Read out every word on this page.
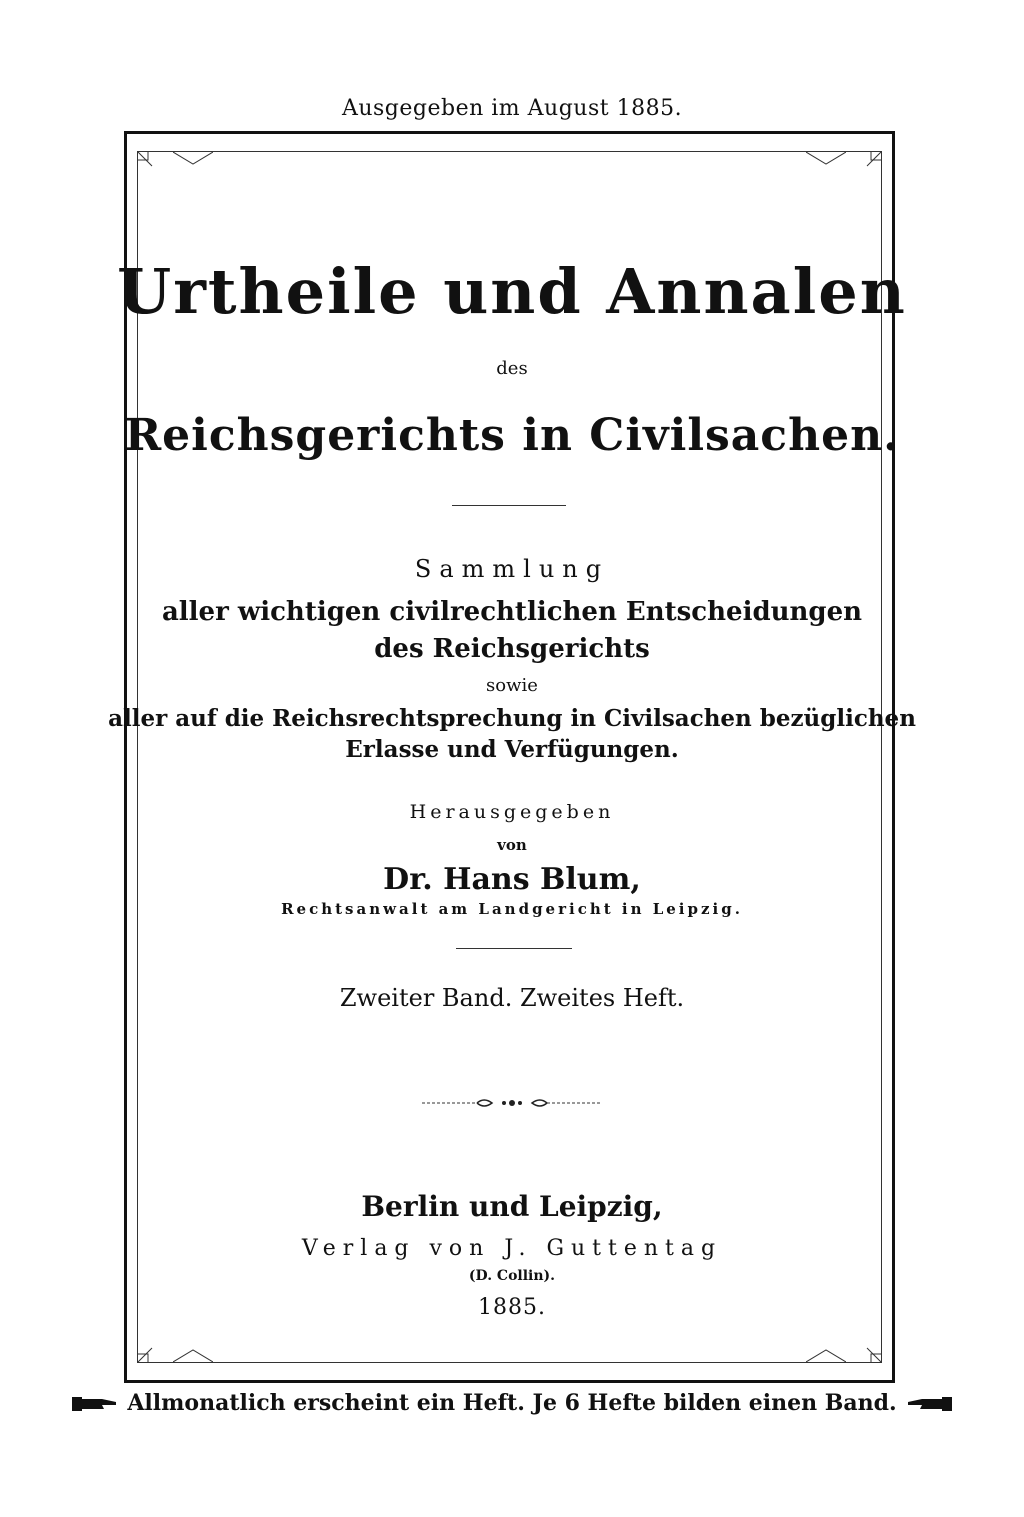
Ausgegeben im August 1885.
Urtheile und Annalen
des
Reichsgerichts in Civilsachen.
Sammlung
aller wichtigen civilrechtlichen Entscheidungen
des Reichsgerichts
sowie
aller auf die Reichsrechtsprechung in Civilsachen bezüglichen
Erlasse und Verfügungen.
Herausgegeben
von
Dr. Hans Blum,
Rechtsanwalt am Landgericht in Leipzig.
Zweiter Band. Zweites Heft.
Berlin und Leipzig,
Verlag von J. Guttentag
(D. Collin).
1885.
Allmonatlich erscheint ein Heft. Je 6 Hefte bilden einen Band.
